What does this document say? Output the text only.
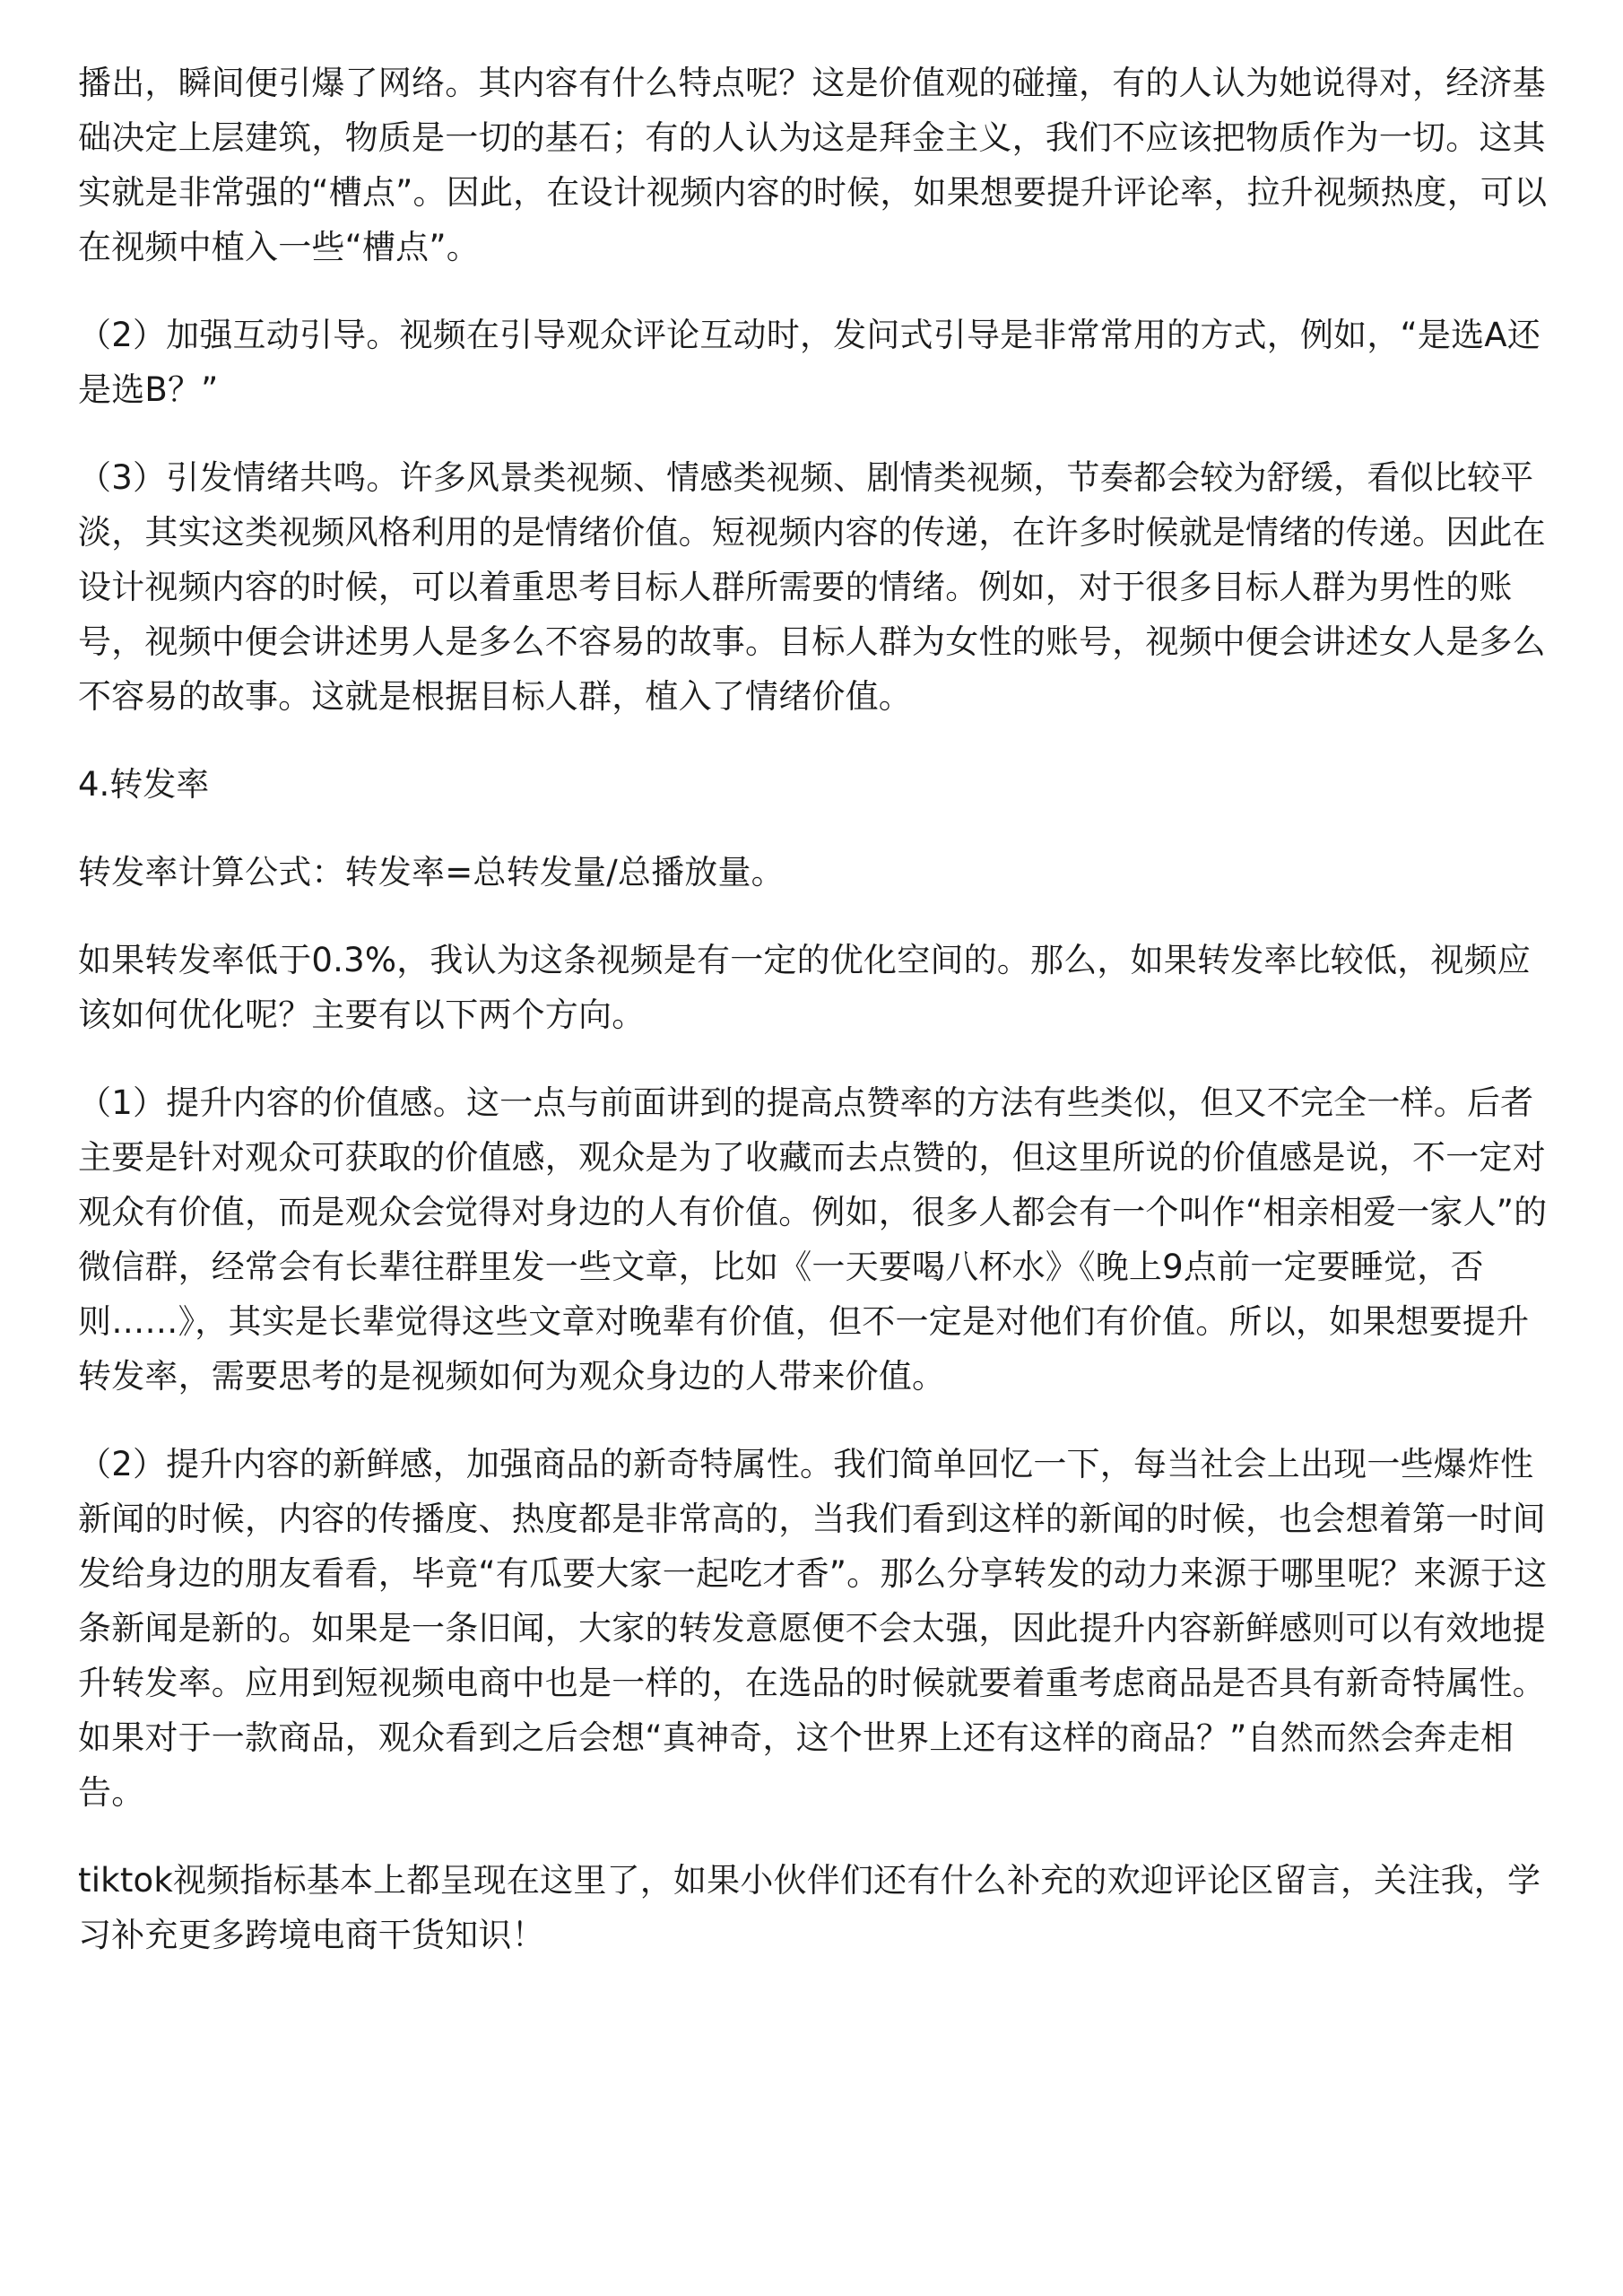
播出，瞬间便引爆了网络。其内容有什么特点呢？这是价值观的碰撞，有的人认为她说得对，经济基础决定上层建筑，物质是一切的基石；有的人认为这是拜金主义，我们不应该把物质作为一切。这其实就是非常强的“槽点”。因此，在设计视频内容的时候，如果想要提升评论率，拉升视频热度，可以在视频中植入一些“槽点”。

（2）加强互动引导。视频在引导观众评论互动时，发问式引导是非常常用的方式，例如，“是选A还是选B？”

（3）引发情绪共鸣。许多风景类视频、情感类视频、剧情类视频，节奏都会较为舒缓，看似比较平淡，其实这类视频风格利用的是情绪价值。短视频内容的传递，在许多时候就是情绪的传递。因此在设计视频内容的时候，可以着重思考目标人群所需要的情绪。例如，对于很多目标人群为男性的账号，视频中便会讲述男人是多么不容易的故事。目标人群为女性的账号，视频中便会讲述女人是多么不容易的故事。这就是根据目标人群，植入了情绪价值。

4.转发率

转发率计算公式：转发率=总转发量/总播放量。

如果转发率低于0.3%，我认为这条视频是有一定的优化空间的。那么，如果转发率比较低，视频应该如何优化呢？主要有以下两个方向。

（1）提升内容的价值感。这一点与前面讲到的提高点赞率的方法有些类似，但又不完全一样。后者主要是针对观众可获取的价值感，观众是为了收藏而去点赞的，但这里所说的价值感是说，不一定对观众有价值，而是观众会觉得对身边的人有价值。例如，很多人都会有一个叫作“相亲相爱一家人”的微信群，经常会有长辈往群里发一些文章，比如《一天要喝八杯水》《晚上9点前一定要睡觉，否则……》，其实是长辈觉得这些文章对晚辈有价值，但不一定是对他们有价值。所以，如果想要提升转发率，需要思考的是视频如何为观众身边的人带来价值。

（2）提升内容的新鲜感，加强商品的新奇特属性。我们简单回忆一下，每当社会上出现一些爆炸性新闻的时候，内容的传播度、热度都是非常高的，当我们看到这样的新闻的时候，也会想着第一时间发给身边的朋友看看，毕竟“有瓜要大家一起吃才香”。那么分享转发的动力来源于哪里呢？来源于这条新闻是新的。如果是一条旧闻，大家的转发意愿便不会太强，因此提升内容新鲜感则可以有效地提升转发率。应用到短视频电商中也是一样的，在选品的时候就要着重考虑商品是否具有新奇特属性。如果对于一款商品，观众看到之后会想“真神奇，这个世界上还有这样的商品？”自然而然会奔走相告。

tiktok视频指标基本上都呈现在这里了，如果小伙伴们还有什么补充的欢迎评论区留言，关注我，学习补充更多跨境电商干货知识！
